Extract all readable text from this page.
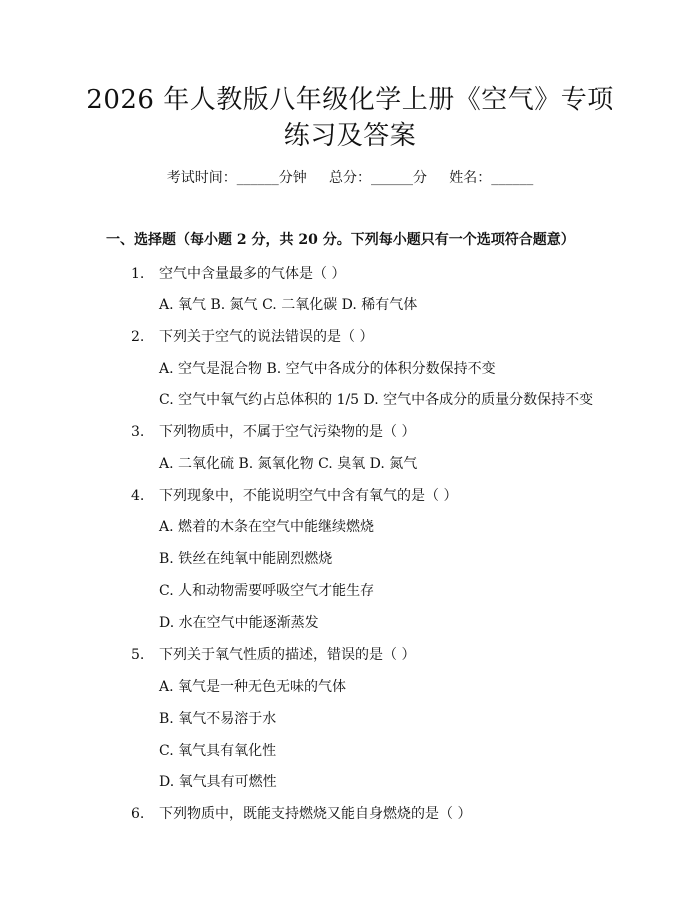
2026 年人教版八年级化学上册《空气》专项
练习及答案
考试时间：______分钟     总分：______分     姓名：______
一、选择题（每小题 2 分，共 20 分。下列每小题只有一个选项符合题意）
1. 空气中含量最多的气体是（ ）
A. 氧气 B. 氮气 C. 二氧化碳 D. 稀有气体
2. 下列关于空气的说法错误的是（ ）
A. 空气是混合物 B. 空气中各成分的体积分数保持不变
C. 空气中氧气约占总体积的 1/5 D. 空气中各成分的质量分数保持不变
3. 下列物质中，不属于空气污染物的是（ ）
A. 二氧化硫 B. 氮氧化物 C. 臭氧 D. 氮气
4. 下列现象中，不能说明空气中含有氧气的是（ ）
A. 燃着的木条在空气中能继续燃烧
B. 铁丝在纯氧中能剧烈燃烧
C. 人和动物需要呼吸空气才能生存
D. 水在空气中能逐渐蒸发
5. 下列关于氧气性质的描述，错误的是（ ）
A. 氧气是一种无色无味的气体
B. 氧气不易溶于水
C. 氧气具有氧化性
D. 氧气具有可燃性
6. 下列物质中，既能支持燃烧又能自身燃烧的是（ ）
